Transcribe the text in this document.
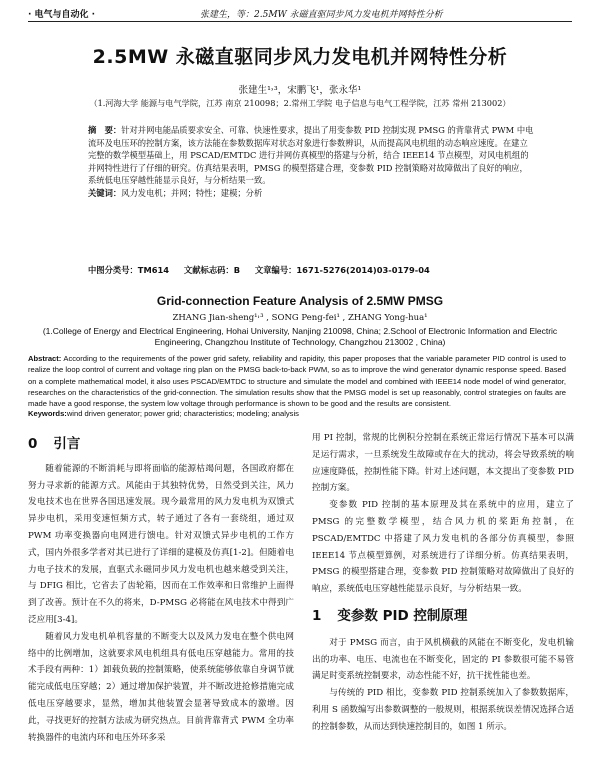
· 电气与自动化 ·	张建生，等：2.5MW 永磁直驱同步风力发电机并网特性分析
2.5MW 永磁直驱同步风力发电机并网特性分析
张建生¹˒³，宋鹏飞¹，张永华¹
（1.河海大学 能源与电气学院，江苏 南京 210098；2.常州工学院 电子信息与电气工程学院，江苏 常州 213002）
摘　要：针对并网电能品质要求安全、可靠、快速性要求，提出了用变参数 PID 控制实现 PMSG 的背靠背式 PWM 中电流环及电压环的控制方案，该方法能在参数数据库对状态对象进行参数辨识，从而提高风电机组的动态响应速度。在建立完整的数学模型基础上，用 PSCAD/EMTDC 进行并网仿真模型的搭建与分析，结合 IEEE14 节点模型，对风电机组的并网特性进行了仔细的研究。仿真结果表明，PMSG 的模型搭建合理，变参数 PID 控制策略对故障做出了良好的响应，系统低电压穿越性能显示良好，与分析结果一致。
关键词：风力发电机；并网；特性；建模；分析
中图分类号：TM614 文献标志码：B 文章编号：1671-5276(2014)03-0179-04
Grid-connection Feature Analysis of 2.5MW PMSG
ZHANG Jian-sheng¹˒³ , SONG Peng-fei¹ , ZHANG Yong-hua¹
(1.College of Energy and Electrical Engineering, Hohai University, Nanjing 210098, China; 2.School of Electronic Information and Electric Engineering, Changzhou Institute of Technology, Changzhou 213002 , China)
Abstract: According to the requirements of the power grid safety, reliability and rapidity, this paper proposes that the variable parameter PID control is used to realize the loop control of current and voltage ring plan on the PMSG back-to-back PWM, so as to improve the wind generator dynamic response speed. Based on a complete mathematical model, it also uses PSCAD/EMTDC to structure and simulate the model and combined with IEEE14 node model of wind generator, researches on the characteristics of the grid-connection. The simulation results show that the PMSG model is set up reasonably, control strategies on faults are made have a good response, the system low voltage through performance is shown to be good and the results are consistent.
Keywords:wind driven generator; power grid; characteristics; modeling; analysis
0 引言

随着能源的不断消耗与即将面临的能源枯竭问题，各国政府都在努力寻求新的能源方式。风能由于其独特优势，日然受到关注，风力发电技术也在世界各国迅速发展。现今最常用的风力发电机为双馈式异步电机，采用变速恒频方式，转子通过了各有一套绕组，通过双 PWM 功率变换器向电网进行馈电。针对双馈式异步电机的工作方式，国内外很多学者对其已进行了详细的建模及仿真[1-2]。但随着电力电子技术的发展，直驱式永磁同步风力发电机也越来越受到关注，与 DFIG 相比，它省去了齿轮箱，因而在工作效率和日常维护上面得到了改善。预计在不久的将来，D-PMSG 必将能在风电技术中得到广泛应用[3-4]。

随着风力发电机单机容量的不断变大以及风力发电在整个供电网络中的比例增加，这就要求风电机组具有低电压穿越能力。常用的技术手段有两种：1）卸载负载的控制策略，使系统能够依靠自身调节就能完成低电压穿越；2）通过增加保护装置，并不断改进抢修措施完成低电压穿越要求，显然，增加其他装置会显著导致成本的激增。因此，寻找更好的控制方法成为研究热点。目前背靠背式 PWM 全功率转换器件的电流内环和电压外环多采

用 PI 控制，常规的比例积分控制在系统正常运行情况下基本可以满足运行需求，一旦系统发生故障或存在大的扰动，将会导致系统的响应速度降低，控制性能下降。针对上述问题，本文提出了变参数 PID 控制方案。

变参数 PID 控制的基本原理及其在系统中的应用，建立了 PMSG 的完整数学模型，结合风力机的桨距角控制，在 PSCAD/EMTDC 中搭建了风力发电机的各部分仿真模型，参照 IEEE14 节点模型算例，对系统进行了详细分析。仿真结果表明，PMSG 的模型搭建合理，变参数 PID 控制策略对故障做出了良好的响应，系统低电压穿越性能显示良好，与分析结果一致。

1 变参数 PID 控制原理

对于 PMSG 而言，由于风机横截的风能在不断变化，发电机输出的功率、电压、电流也在不断变化，固定的 PI 参数很可能不易管满足时变系统控制要求，动态性能不好，抗干扰性能也差。

与传统的 PID 相比，变参数 PID 控制系统加入了参数数据库，利用 S 函数编写出参数调整的一般规则，根据系统误差情况选择合适的控制参数，从而达到快速控制目的，如图 1 所示。
